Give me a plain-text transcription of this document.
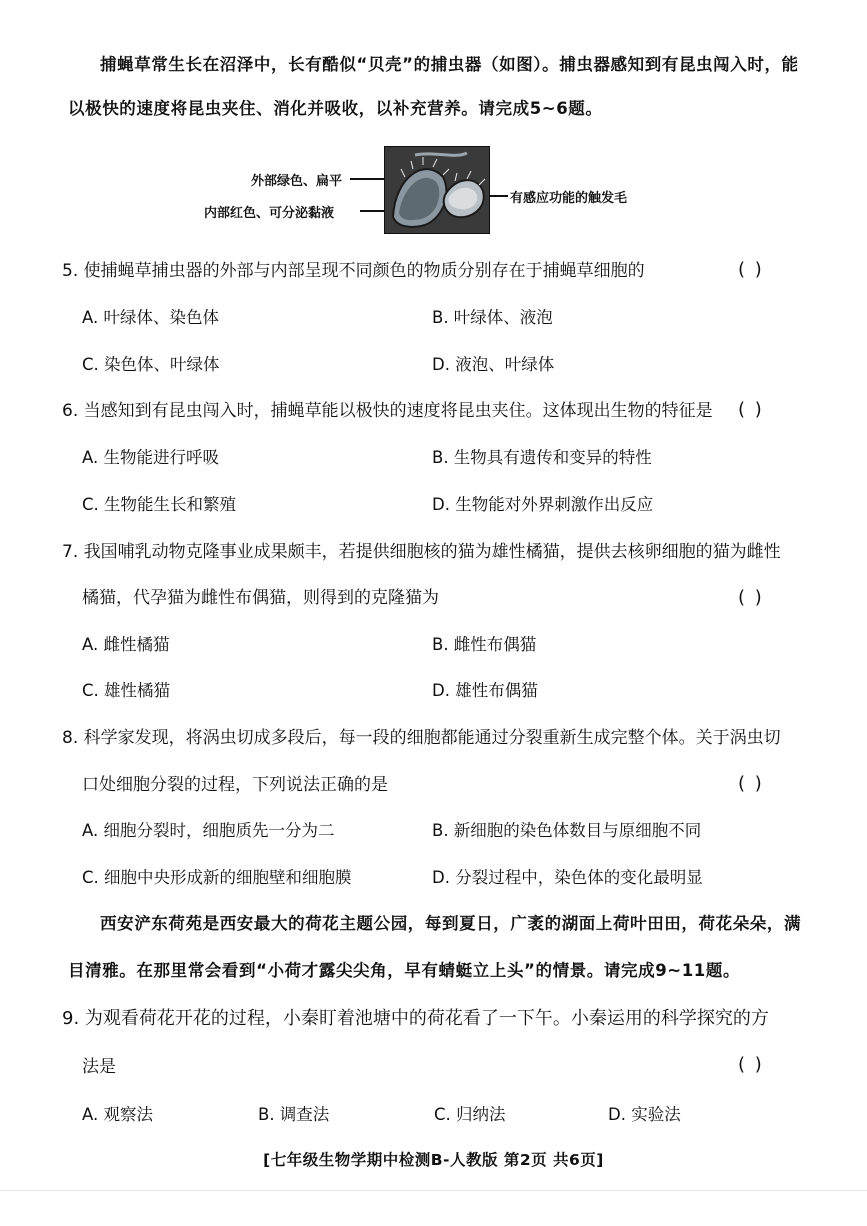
捕蝇草常生长在沼泽中，长有酷似“贝壳”的捕虫器（如图）。捕虫器感知到有昆虫闯入时，能
以极快的速度将昆虫夹住、消化并吸收，以补充营养。请完成5~6题。
外部绿色、扁平
内部红色、可分泌黏液
有感应功能的触发毛
5. 使捕蝇草捕虫器的外部与内部呈现不同颜色的物质分别存在于捕蝇草细胞的	( )
A. 叶绿体、染色体	B. 叶绿体、液泡
C. 染色体、叶绿体	D. 液泡、叶绿体
6. 当感知到有昆虫闯入时，捕蝇草能以极快的速度将昆虫夹住。这体现出生物的特征是 ( )
A. 生物能进行呼吸	B. 生物具有遗传和变异的特性
C. 生物能生长和繁殖	D. 生物能对外界刺激作出反应
7. 我国哺乳动物克隆事业成果颇丰，若提供细胞核的猫为雄性橘猫，提供去核卵细胞的猫为雌性
橘猫，代孕猫为雌性布偶猫，则得到的克隆猫为	( )
A. 雌性橘猫	B. 雌性布偶猫
C. 雄性橘猫	D. 雄性布偶猫
8. 科学家发现，将涡虫切成多段后，每一段的细胞都能通过分裂重新生成完整个体。关于涡虫切
口处细胞分裂的过程，下列说法正确的是	( )
A. 细胞分裂时，细胞质先一分为二	B. 新细胞的染色体数目与原细胞不同
C. 细胞中央形成新的细胞壁和细胞膜	D. 分裂过程中，染色体的变化最明显
西安浐东荷苑是西安最大的荷花主题公园，每到夏日，广袤的湖面上荷叶田田，荷花朵朵，满
目清雅。在那里常会看到“小荷才露尖尖角，早有蜻蜓立上头”的情景。请完成9~11题。
9. 为观看荷花开花的过程，小秦盯着池塘中的荷花看了一下午。小秦运用的科学探究的方
法是	( )
A. 观察法	B. 调查法	C. 归纳法	D. 实验法
[七年级生物学期中检测B-人教版 第2页 共6页]
